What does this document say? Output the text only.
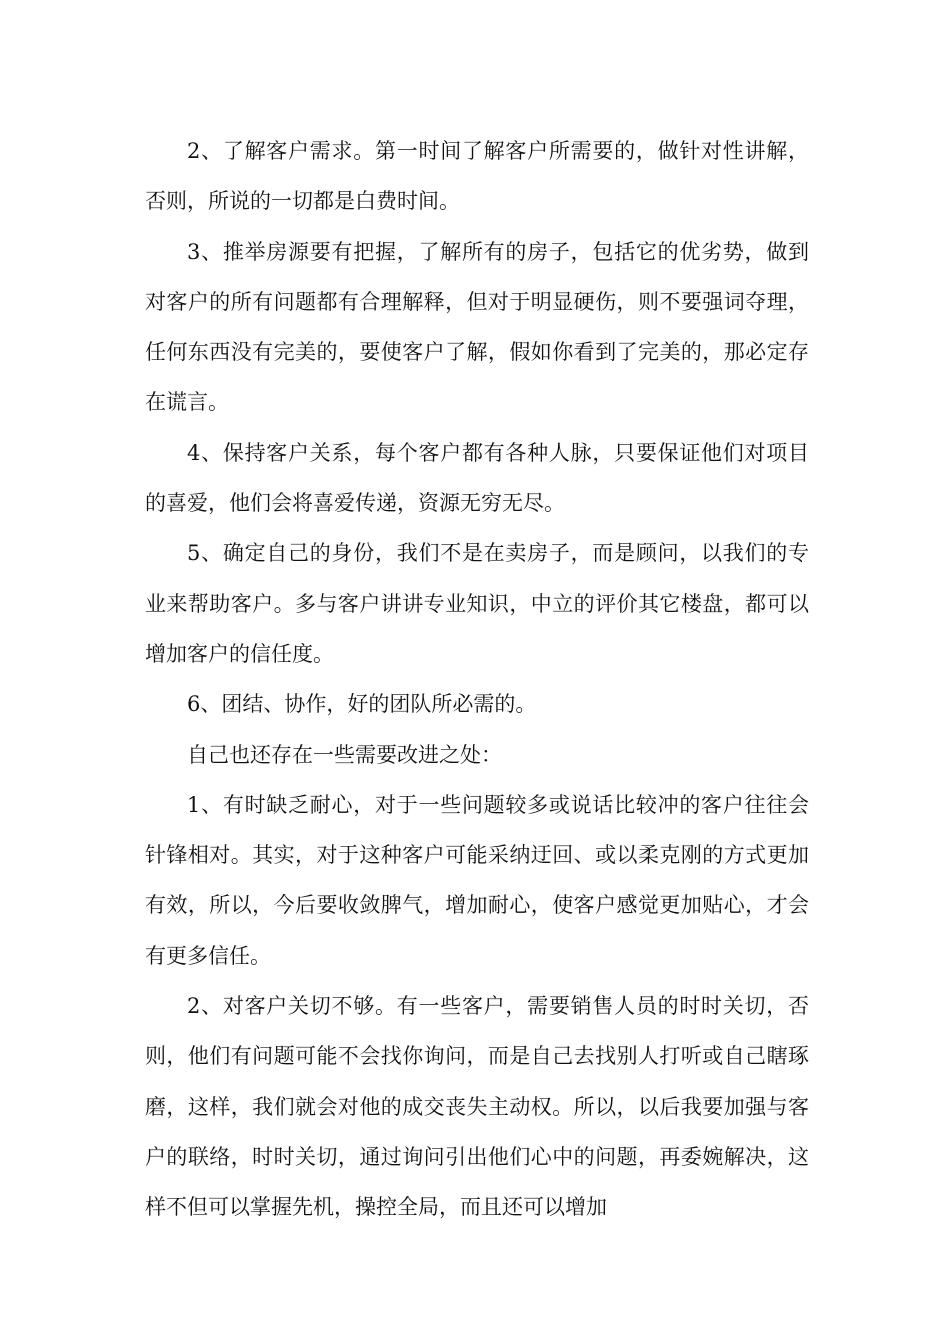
2、了解客户需求。第一时间了解客户所需要的，做针对性讲解，否则，所说的一切都是白费时间。

3、推举房源要有把握，了解所有的房子，包括它的优劣势，做到对客户的所有问题都有合理解释，但对于明显硬伤，则不要强词夺理，任何东西没有完美的，要使客户了解，假如你看到了完美的，那必定存在谎言。

4、保持客户关系，每个客户都有各种人脉，只要保证他们对项目的喜爱，他们会将喜爱传递，资源无穷无尽。

5、确定自己的身份，我们不是在卖房子，而是顾问，以我们的专业来帮助客户。多与客户讲讲专业知识，中立的评价其它楼盘，都可以增加客户的信任度。

6、团结、协作，好的团队所必需的。

自己也还存在一些需要改进之处：

1、有时缺乏耐心，对于一些问题较多或说话比较冲的客户往往会针锋相对。其实，对于这种客户可能采纳迂回、或以柔克刚的方式更加有效，所以，今后要收敛脾气，增加耐心，使客户感觉更加贴心，才会有更多信任。

2、对客户关切不够。有一些客户，需要销售人员的时时关切，否则，他们有问题可能不会找你询问，而是自己去找别人打听或自己瞎琢磨，这样，我们就会对他的成交丧失主动权。所以，以后我要加强与客户的联络，时时关切，通过询问引出他们心中的问题，再委婉解决，这样不但可以掌握先机，操控全局，而且还可以增加
